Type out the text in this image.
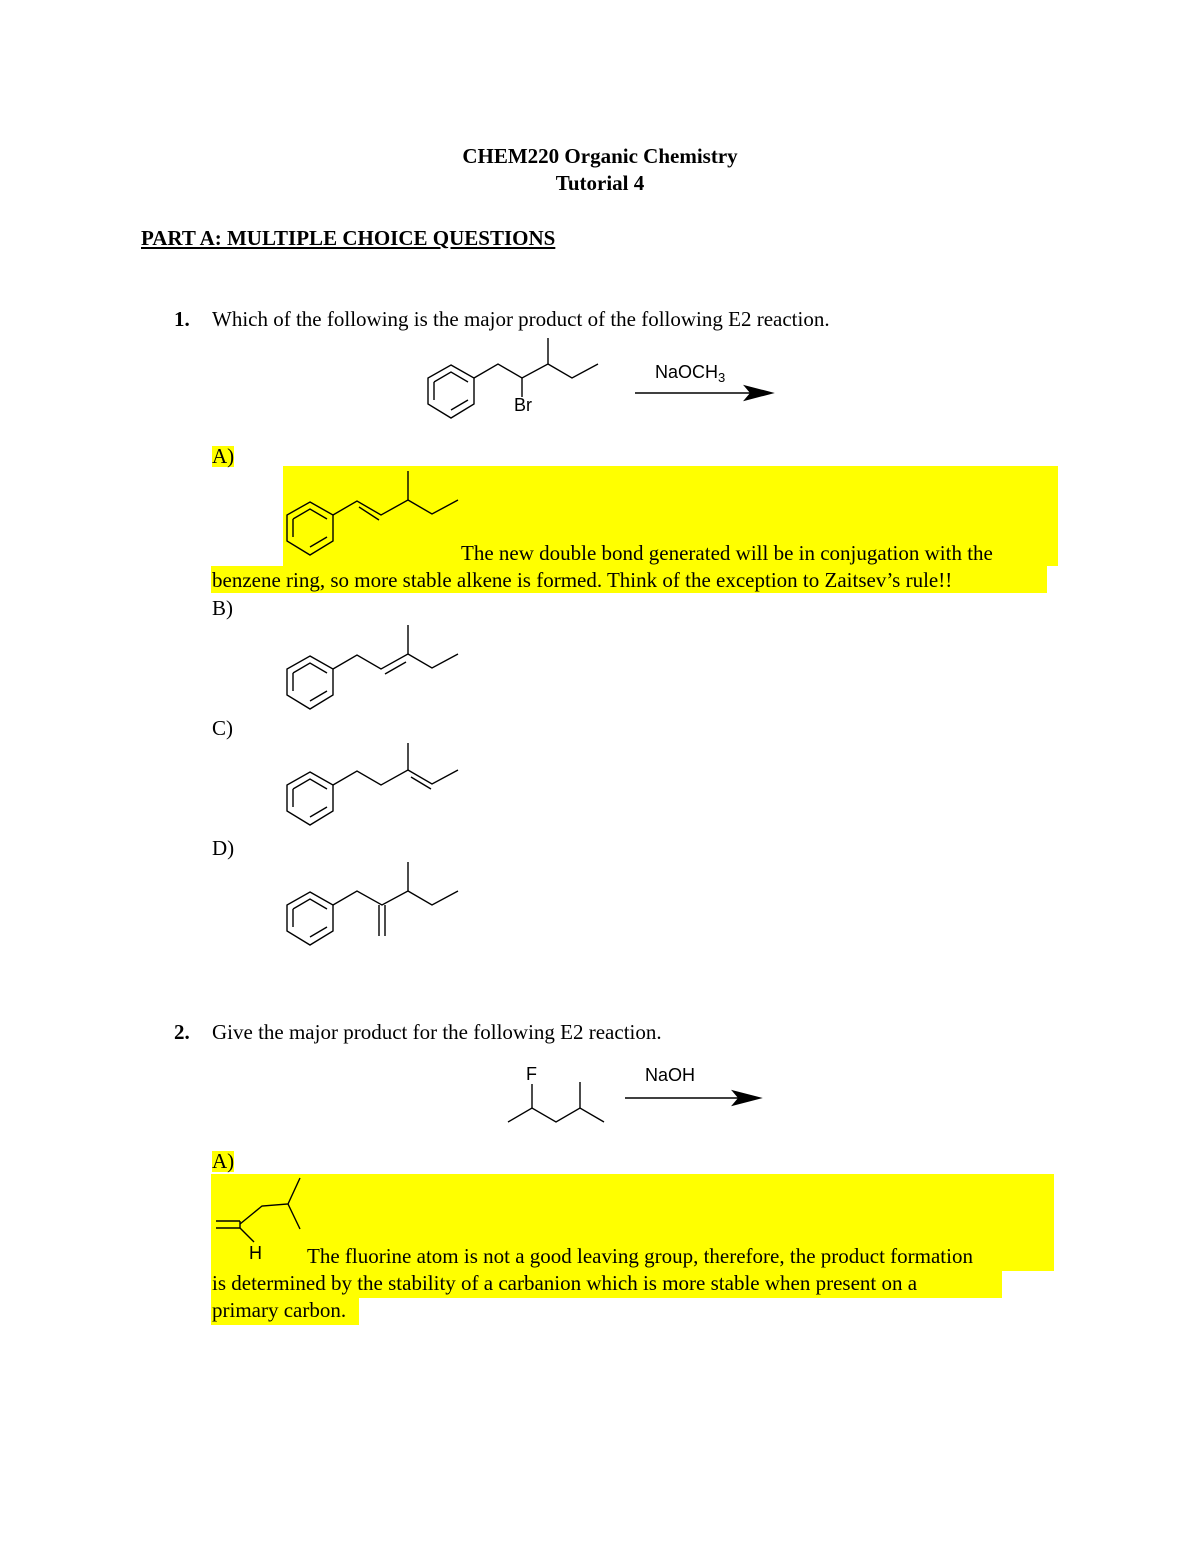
CHEM220 Organic Chemistry
Tutorial 4
PART A: MULTIPLE CHOICE QUESTIONS
1. Which of the following is the major product of the following E2 reaction.
Br
NaOCH$_3$
A)
The new double bond generated will be in conjugation with the
benzene ring, so more stable alkene is formed. Think of the exception to Zaitsev’s rule!!
B)
C)
D)
2. Give the major product for the following E2 reaction.
F	NaOH
A)
H The fluorine atom is not a good leaving group, therefore, the product formation
is determined by the stability of a carbanion which is more stable when present on a
primary carbon.
